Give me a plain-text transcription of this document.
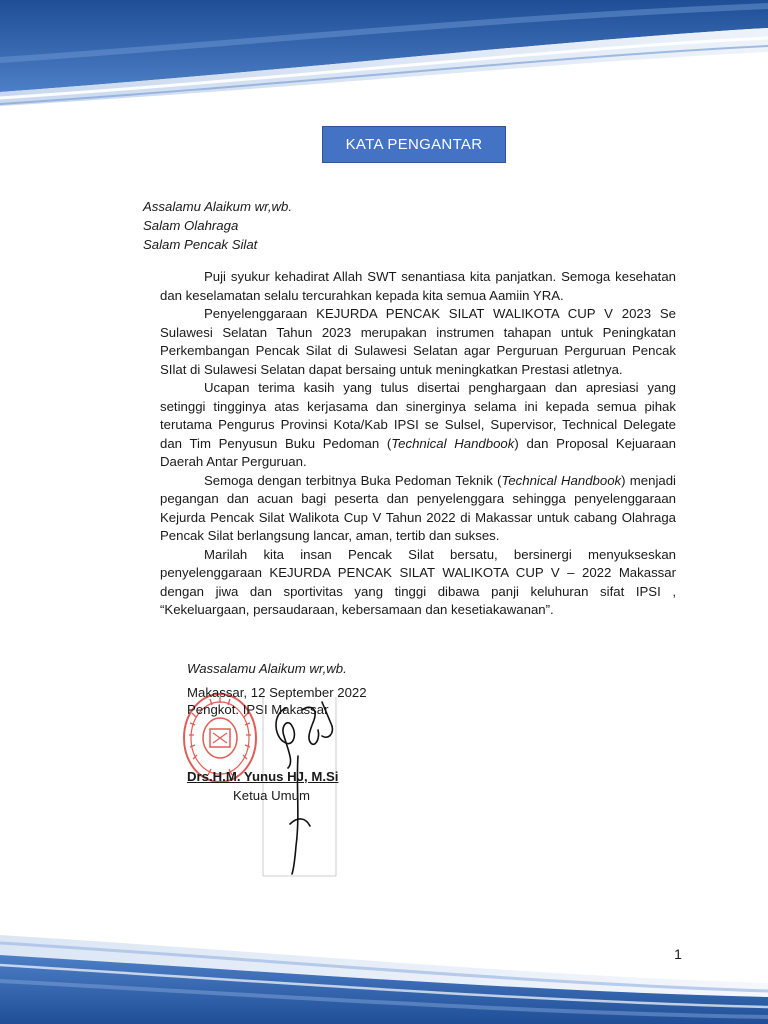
KATA PENGANTAR
Assalamu Alaikum wr,wb.
Salam Olahraga
Salam Pencak Silat

Puji syukur kehadirat Allah SWT senantiasa kita panjatkan. Semoga kesehatan dan keselamatan selalu tercurahkan kepada kita semua Aamiin YRA.

Penyelenggaraan KEJURDA PENCAK SILAT WALIKOTA CUP V 2023 Se Sulawesi Selatan Tahun 2023 merupakan instrumen tahapan untuk Peningkatan Perkembangan Pencak Silat di Sulawesi Selatan agar Perguruan Perguruan Pencak SIlat di Sulawesi Selatan dapat bersaing untuk meningkatkan Prestasi atletnya.

Ucapan terima kasih yang tulus disertai penghargaan dan apresiasi yang setinggi tingginya atas kerjasama dan sinerginya selama ini kepada semua pihak terutama Pengurus Provinsi Kota/Kab IPSI se Sulsel, Supervisor, Technical Delegate dan Tim Penyusun Buku Pedoman (Technical Handbook) dan Proposal Kejuaraan Daerah Antar Perguruan.

Semoga dengan terbitnya Buka Pedoman Teknik (Technical Handbook) menjadi pegangan dan acuan bagi peserta dan penyelenggara sehingga penyelenggaraan Kejurda Pencak Silat Walikota Cup V Tahun 2022 di Makassar untuk cabang Olahraga Pencak Silat berlangsung lancar, aman, tertib dan sukses.

Marilah kita insan Pencak Silat bersatu, bersinergi menyukseskan penyelenggaraan KEJURDA PENCAK SILAT WALIKOTA CUP V – 2022 Makassar dengan jiwa dan sportivitas yang tinggi dibawa panji keluhuran sifat IPSI , “Kekeluargaan, persaudaraan, kebersamaan dan kesetiakawanan”.

Wassalamu Alaikum wr,wb.
Makassar, 12 September 2022
Pengkot. IPSI Makassar
Drs.H.M. Yunus HJ, M.Si
Ketua Umum
1
